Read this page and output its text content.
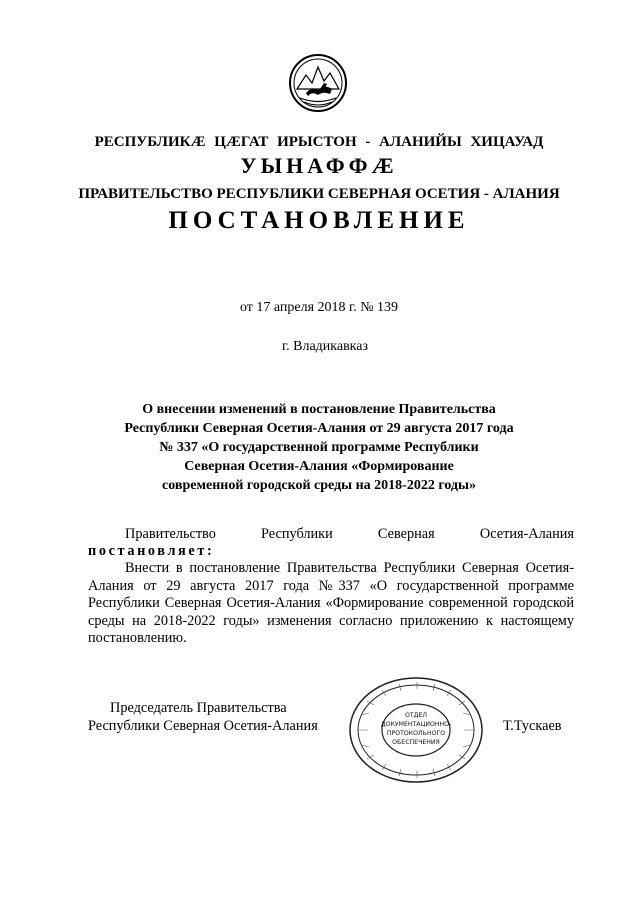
РЕСПУБЛИКӔ ЦӔГАТ ИРЫСТОН - АЛАНИЙЫ ХИЦАУАД
УЫНАФФӔ
ПРАВИТЕЛЬСТВО РЕСПУБЛИКИ СЕВЕРНАЯ ОСЕТИЯ - АЛАНИЯ
ПОСТАНОВЛЕНИЕ
от 17 апреля 2018 г. № 139
г. Владикавказ
О внесении изменений в постановление Правительства
Республики Северная Осетия-Алания от 29 августа 2017 года
№ 337 «О государственной программе Республики
Северная Осетия-Алания «Формирование
современной городской среды на 2018-2022 годы»
Правительство Республики Северная Осетия-Алания
постановляет:
Внести в постановление Правительства Республики Северная Осетия-Алания от 29 августа 2017 года №337 «О государственной программе Республики Северная Осетия-Алания «Формирование современной городской среды на 2018-2022 годы» изменения согласно приложению к настоящему постановлению.
Председатель Правительства
Республики Северная Осетия-Алания
ОТДЕЛ
ДОКУМЕНТАЦИОННО-
ПРОТОКОЛЬНОГО
ОБЕСПЕЧЕНИЯ
Т.Тускаев
